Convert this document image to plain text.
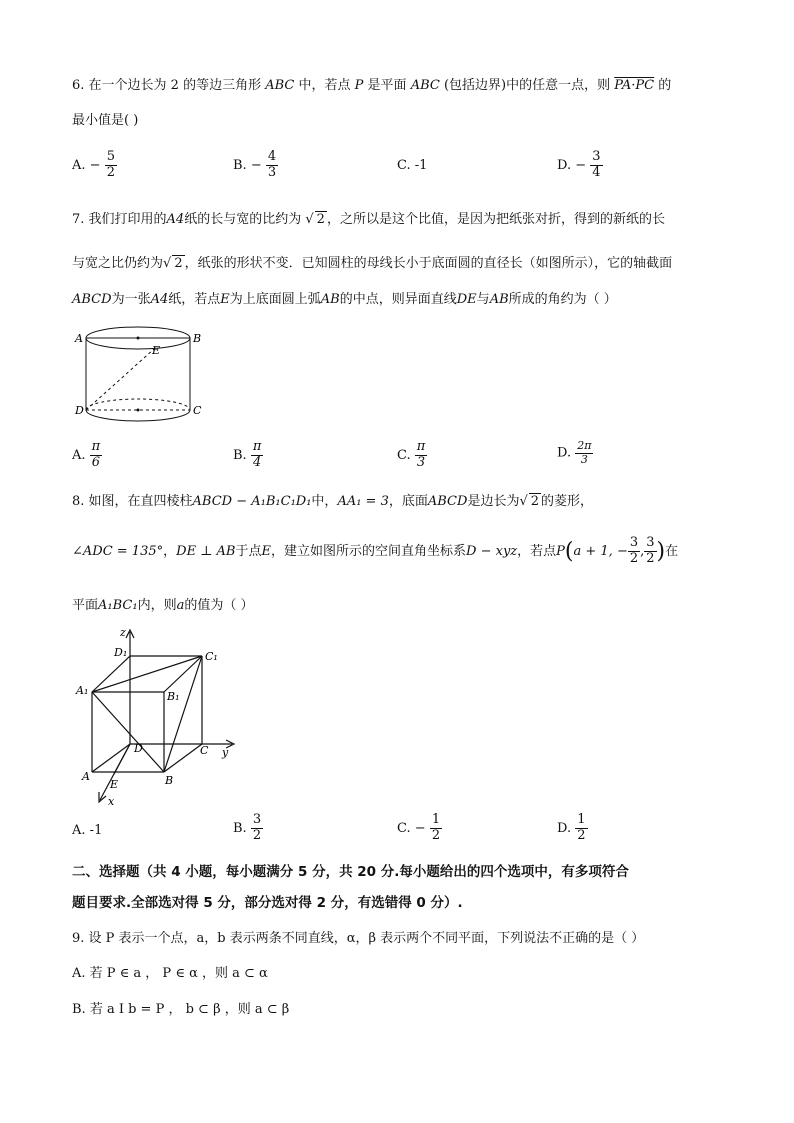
6. 在一个边长为 2 的等边三角形 ABC 中，若点 P 是平面 ABC (包括边界)中的任意一点，则 PA·PC 的
最小值是( )
A. − $\frac{5}{2}$	B. − $\frac{4}{3}$	C. -1	D. − $\frac{3}{4}$
7. 我们打印用的A4纸的长与宽的比约为 √ 2 ，之所以是这个比值，是因为把纸张对折，得到的新纸的长
与宽之比仍约为√ 2 ，纸张的形状不变．已知圆柱的母线长小于底面圆的直径长（如图所示），它的轴截面
ABCD为一张A4纸，若点E为上底面圆上弧AB的中点，则异面直线DE与AB所成的角约为（ ）
A	B
E
D	C
A. $\frac{\pi}{6}$	B. $\frac{\pi}{4}$	C. $\frac{\pi}{3}$	D. $\frac{2\pi}{3}$
8. 如图，在直四棱柱ABCD − A₁B₁C₁D₁中，AA₁ = 3，底面ABCD是边长为√ 2 的菱形，
∠ADC = 135°，DE ⊥ AB于点E，建立如图所示的空间直角坐标系D − xyz，若点P(a + 1, − $\frac{3}{2}$ , $\frac{3}{2}$ )在
平面A₁BC₁内，则a的值为（ ）
z
D₁	C₁
A₁	B₁
D	C y
A
E	B
x
A. -1	B. $\frac{3}{2}$	C. − $\frac{1}{2}$	D. $\frac{1}{2}$
二、选择题（共 4 小题，每小题满分 5 分，共 20 分.每小题给出的四个选项中，有多项符合
题目要求.全部选对得 5 分，部分选对得 2 分，有选错得 0 分）.
9. 设 P 表示一个点，a，b 表示两条不同直线，α，β 表示两个不同平面，下列说法不正确的是（ ）
A. 若 P ∈ a ， P ∈ α ，则 a ⊂ α
B. 若 a I b = P ， b ⊂ β ，则 a ⊂ β
